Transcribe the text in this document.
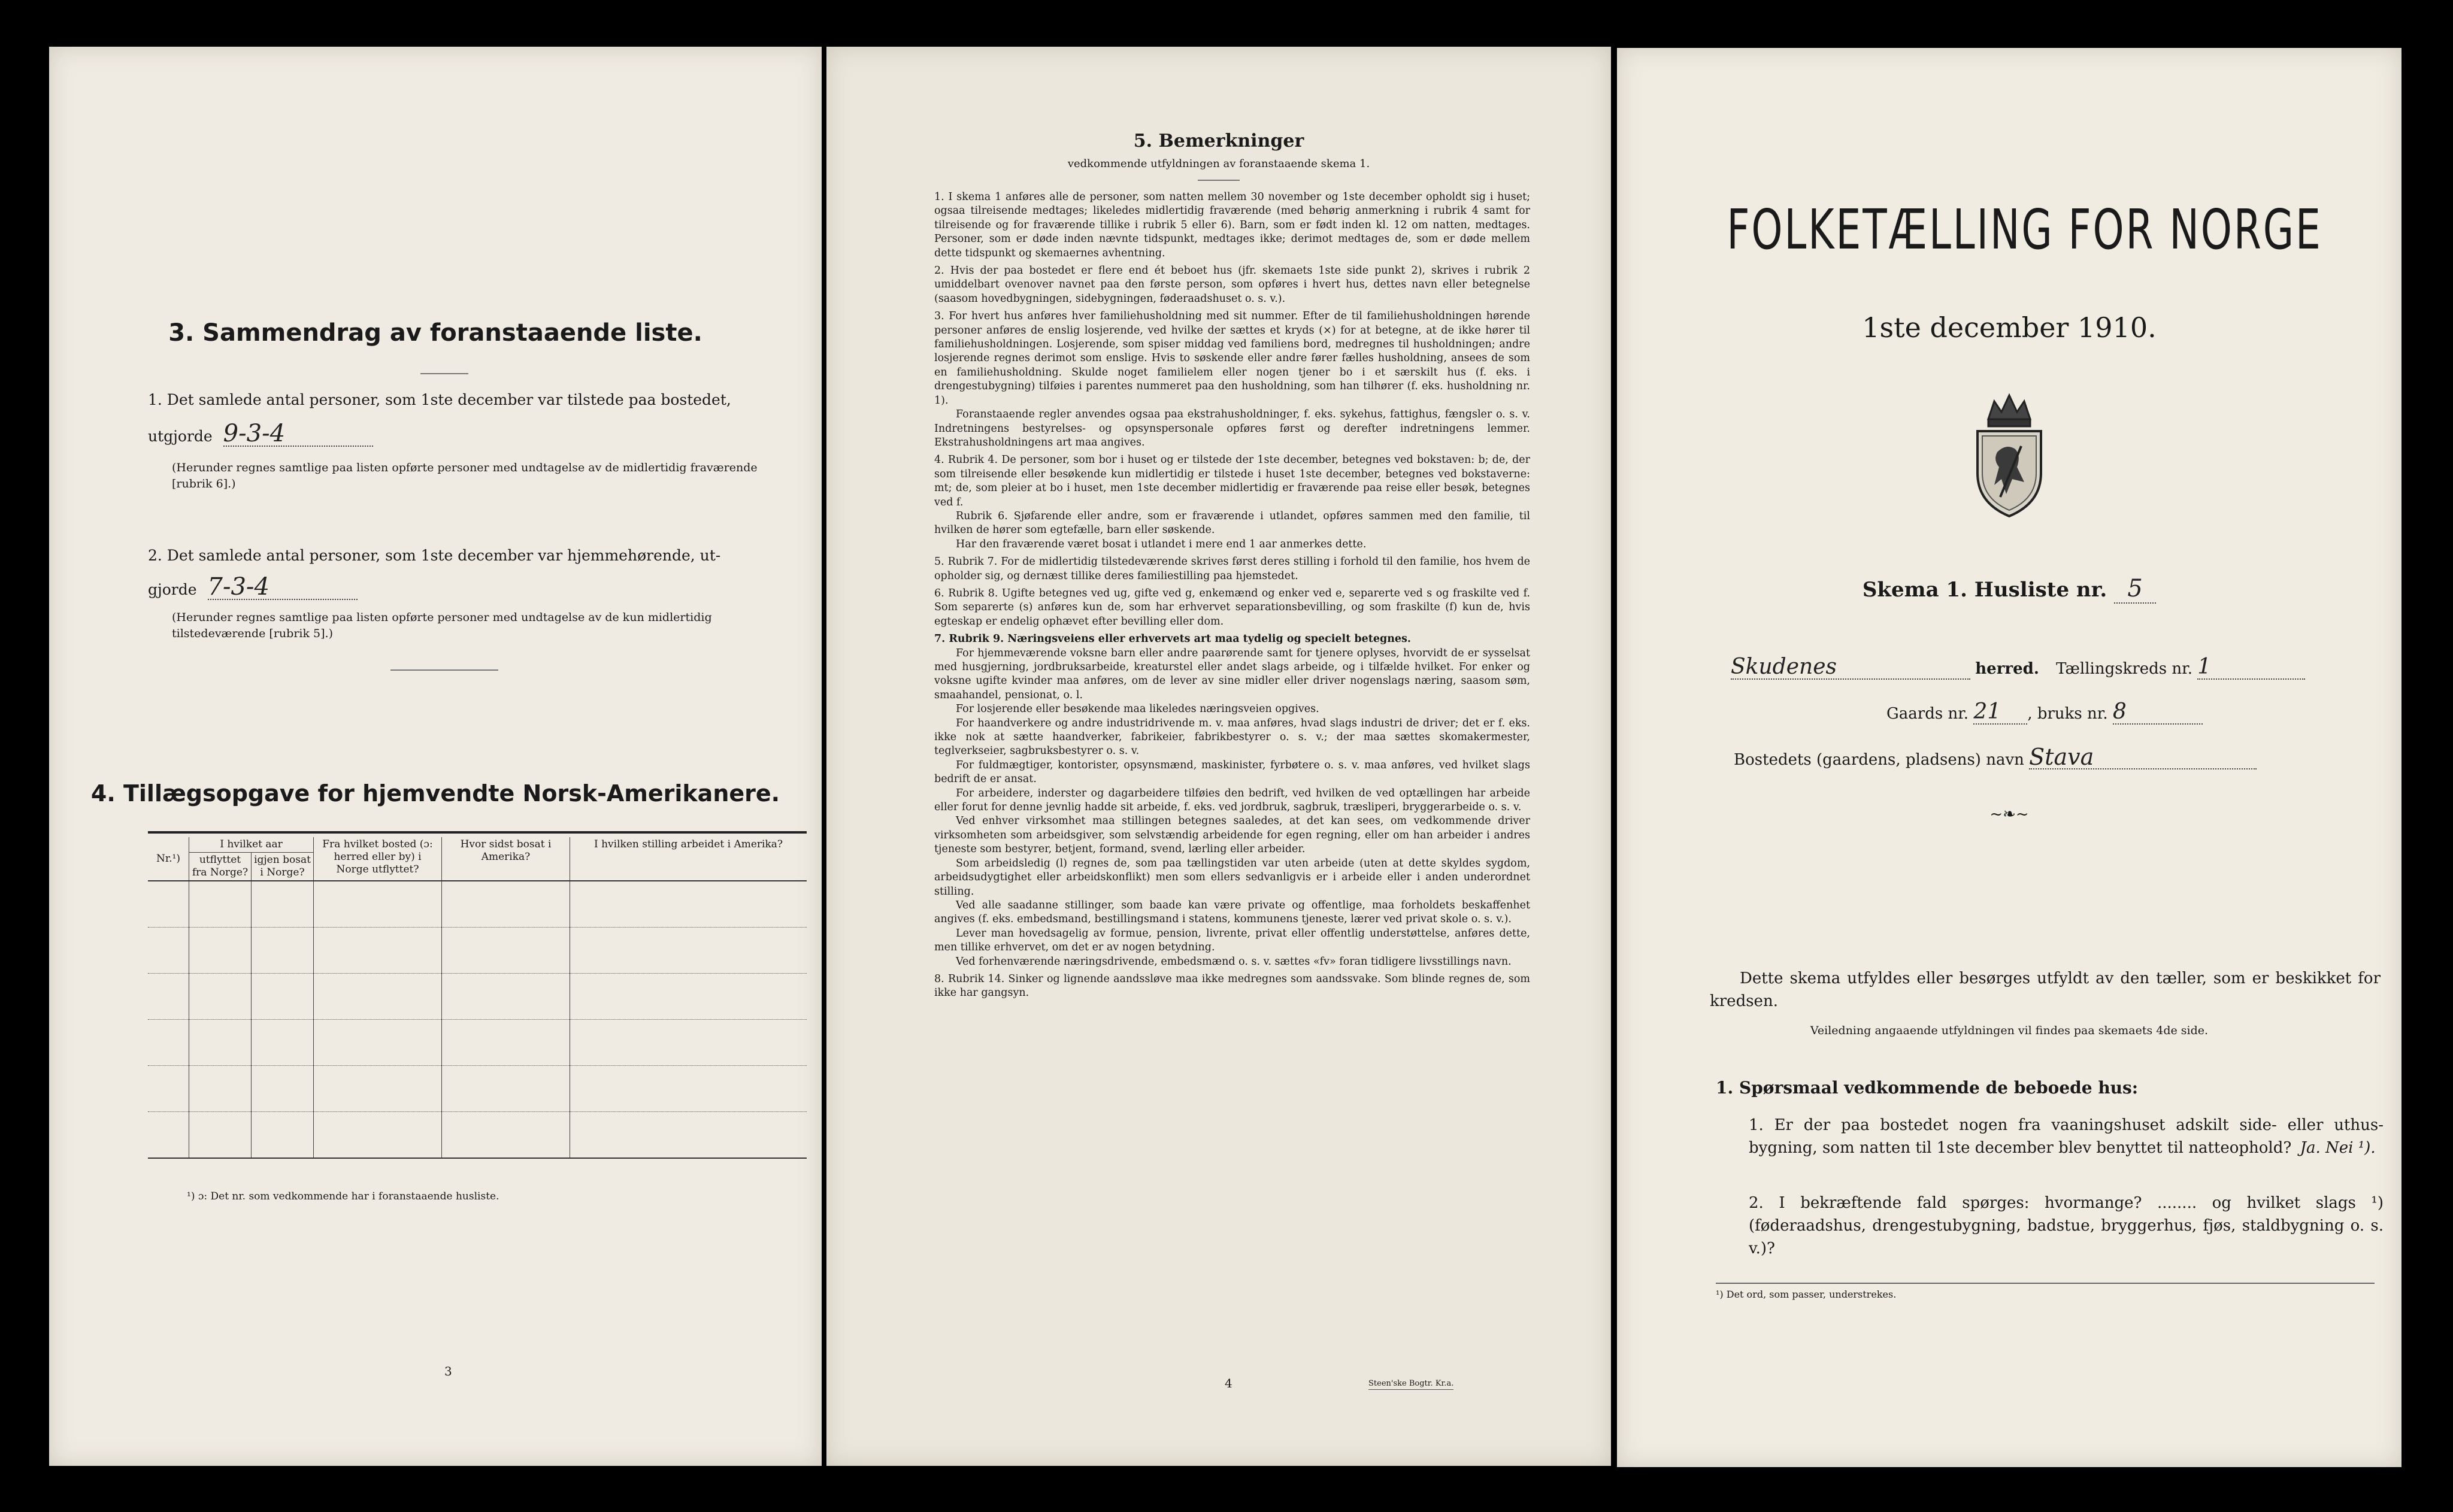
3. Sammendrag av foranstaaende liste.
1. Det samlede antal personer, som 1ste december var tilstede paa bostedet,
utgjorde 9-3-4
(Herunder regnes samtlige paa listen opførte personer med undtagelse av de midlertidig fraværende [rubrik 6].)
2. Det samlede antal personer, som 1ste december var hjemmehørende, ut-
gjorde 7-3-4
(Herunder regnes samtlige paa listen opførte personer med undtagelse av de kun midlertidig tilstedeværende [rubrik 5].)
4. Tillægsopgave for hjemvendte Norsk-Amerikanere.
Nr.¹)	I hvilket aar		Fra hvilket bosted (ɔ: herred eller by) i Norge utflyttet?	Hvor sidst bosat i Amerika?	I hvilken stilling arbeidet i Amerika?
	utflyttet fra Norge?	igjen bosat i Norge?			

¹) ɔ: Det nr. som vedkommende har i foranstaaende husliste.
3
5. Bemerkninger
vedkommende utfyldningen av foranstaaende skema 1.

1. I skema 1 anføres alle de personer, som natten mellem 30 november og 1ste december opholdt sig i huset; ogsaa tilreisende medtages; likeledes midlertidig fraværende (med behørig anmerkning i rubrik 4 samt for tilreisende og for fraværende tillike i rubrik 5 eller 6). Barn, som er født inden kl. 12 om natten, medtages. Personer, som er døde inden nævnte tidspunkt, medtages ikke; derimot medtages de, som er døde mellem dette tidspunkt og skemaernes avhentning.

2. Hvis der paa bostedet er flere end ét beboet hus (jfr. skemaets 1ste side punkt 2), skrives i rubrik 2 umiddelbart ovenover navnet paa den første person, som opføres i hvert hus, dettes navn eller betegnelse (saasom hovedbygningen, sidebygningen, føderaadshuset o. s. v.).

3. For hvert hus anføres hver familiehusholdning med sit nummer. Efter de til familiehusholdningen hørende personer anføres de enslig losjerende, ved hvilke der sættes et kryds (×) for at betegne, at de ikke hører til familiehusholdningen. Losjerende, som spiser middag ved familiens bord, medregnes til husholdningen; andre losjerende regnes derimot som enslige. Hvis to søskende eller andre fører fælles husholdning, ansees de som en familiehusholdning. Skulde noget familielem eller nogen tjener bo i et særskilt hus (f. eks. i drengestubygning) tilføies i parentes nummeret paa den husholdning, som han tilhører (f. eks. husholdning nr. 1).

Foranstaaende regler anvendes ogsaa paa ekstrahusholdninger, f. eks. sykehus, fattighus, fængsler o. s. v. Indretningens bestyrelses- og opsynspersonale opføres først og derefter indretningens lemmer. Ekstrahusholdningens art maa angives.

4. Rubrik 4. De personer, som bor i huset og er tilstede der 1ste december, betegnes ved bokstaven: b; de, der som tilreisende eller besøkende kun midlertidig er tilstede i huset 1ste december, betegnes ved bokstaverne: mt; de, som pleier at bo i huset, men 1ste december midlertidig er fraværende paa reise eller besøk, betegnes ved f.

Rubrik 6. Sjøfarende eller andre, som er fraværende i utlandet, opføres sammen med den familie, til hvilken de hører som egtefælle, barn eller søskende.

Har den fraværende været bosat i utlandet i mere end 1 aar anmerkes dette.

5. Rubrik 7. For de midlertidig tilstedeværende skrives først deres stilling i forhold til den familie, hos hvem de opholder sig, og dernæst tillike deres familiestilling paa hjemstedet.

6. Rubrik 8. Ugifte betegnes ved ug, gifte ved g, enkemænd og enker ved e, separerte ved s og fraskilte ved f. Som separerte (s) anføres kun de, som har erhvervet separationsbevilling, og som fraskilte (f) kun de, hvis egteskap er endelig ophævet efter bevilling eller dom.

7. Rubrik 9. Næringsveiens eller erhvervets art maa tydelig og specielt betegnes.

For hjemmeværende voksne barn eller andre paarørende samt for tjenere oplyses, hvorvidt de er sysselsat med husgjerning, jordbruksarbeide, kreaturstel eller andet slags arbeide, og i tilfælde hvilket. For enker og voksne ugifte kvinder maa anføres, om de lever av sine midler eller driver nogenslags næring, saasom søm, smaahandel, pensionat, o. l.

For losjerende eller besøkende maa likeledes næringsveien opgives.

For haandverkere og andre industridrivende m. v. maa anføres, hvad slags industri de driver; det er f. eks. ikke nok at sætte haandverker, fabrikeier, fabrikbestyrer o. s. v.; der maa sættes skomakermester, teglverkseier, sagbruksbestyrer o. s. v.

For fuldmægtiger, kontorister, opsynsmænd, maskinister, fyrbøtere o. s. v. maa anføres, ved hvilket slags bedrift de er ansat.

For arbeidere, inderster og dagarbeidere tilføies den bedrift, ved hvilken de ved optællingen har arbeide eller forut for denne jevnlig hadde sit arbeide, f. eks. ved jordbruk, sagbruk, træsliperi, bryggerarbeide o. s. v.

Ved enhver virksomhet maa stillingen betegnes saaledes, at det kan sees, om vedkommende driver virksomheten som arbeidsgiver, som selvstændig arbeidende for egen regning, eller om han arbeider i andres tjeneste som bestyrer, betjent, formand, svend, lærling eller arbeider.

Som arbeidsledig (l) regnes de, som paa tællingstiden var uten arbeide (uten at dette skyldes sygdom, arbeidsudygtighet eller arbeidskonflikt) men som ellers sedvanligvis er i arbeide eller i anden underordnet stilling.

Ved alle saadanne stillinger, som baade kan være private og offentlige, maa forholdets beskaffenhet angives (f. eks. embedsmand, bestillingsmand i statens, kommunens tjeneste, lærer ved privat skole o. s. v.).

Lever man hovedsagelig av formue, pension, livrente, privat eller offentlig understøttelse, anføres dette, men tillike erhvervet, om det er av nogen betydning.

Ved forhenværende næringsdrivende, embedsmænd o. s. v. sættes «fv» foran tidligere livsstillings navn.

8. Rubrik 14. Sinker og lignende aandssløve maa ikke medregnes som aandssvake. Som blinde regnes de, som ikke har gangsyn.

4	Steen'ske Bogtr. Kr.a.
FOLKETÆLLING FOR NORGE
1ste december 1910.
Skema 1. Husliste nr. 5
Skudenes	herred. Tællingskreds nr. 1
Gaards nr. 21 , bruks nr. 8
Bostedets (gaardens, pladsens) navn Stava
~❧~
Dette skema utfyldes eller besørges utfyldt av den tæller, som er beskikket for kredsen.
Veiledning angaaende utfyldningen vil findes paa skemaets 4de side.
1. Spørsmaal vedkommende de beboede hus:
1. Er der paa bostedet nogen fra vaaningshuset adskilt side- eller uthus-bygning, som natten til 1ste december blev benyttet til natteophold? Ja. Nei ¹).
2. I bekræftende fald spørges: hvormange? ........ og hvilket slags ¹) (føderaadshus, drengestubygning, badstue, bryggerhus, fjøs, staldbygning o. s. v.)?
¹) Det ord, som passer, understrekes.
